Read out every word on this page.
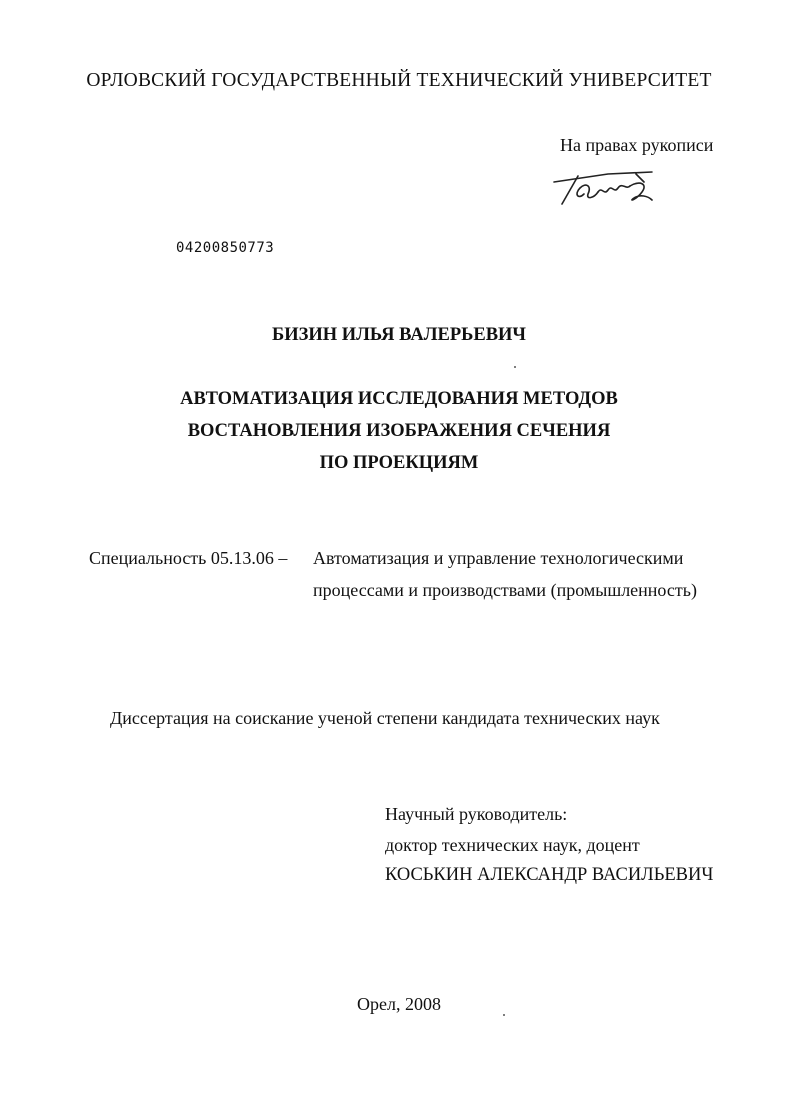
ОРЛОВСКИЙ ГОСУДАРСТВЕННЫЙ ТЕХНИЧЕСКИЙ УНИВЕРСИТЕТ
На правах рукописи
04200850773
БИЗИН ИЛЬЯ ВАЛЕРЬЕВИЧ
АВТОМАТИЗАЦИЯ ИССЛЕДОВАНИЯ МЕТОДОВ
ВОСТАНОВЛЕНИЯ ИЗОБРАЖЕНИЯ СЕЧЕНИЯ
ПО ПРОЕКЦИЯМ
Специальность 05.13.06 – Автоматизация и управление технологическими
процессами и производствами (промышленность)
Диссертация на соискание ученой степени кандидата технических наук
Научный руководитель:
доктор технических наук, доцент
КОСЬКИН АЛЕКСАНДР ВАСИЛЬЕВИЧ
Орел, 2008
